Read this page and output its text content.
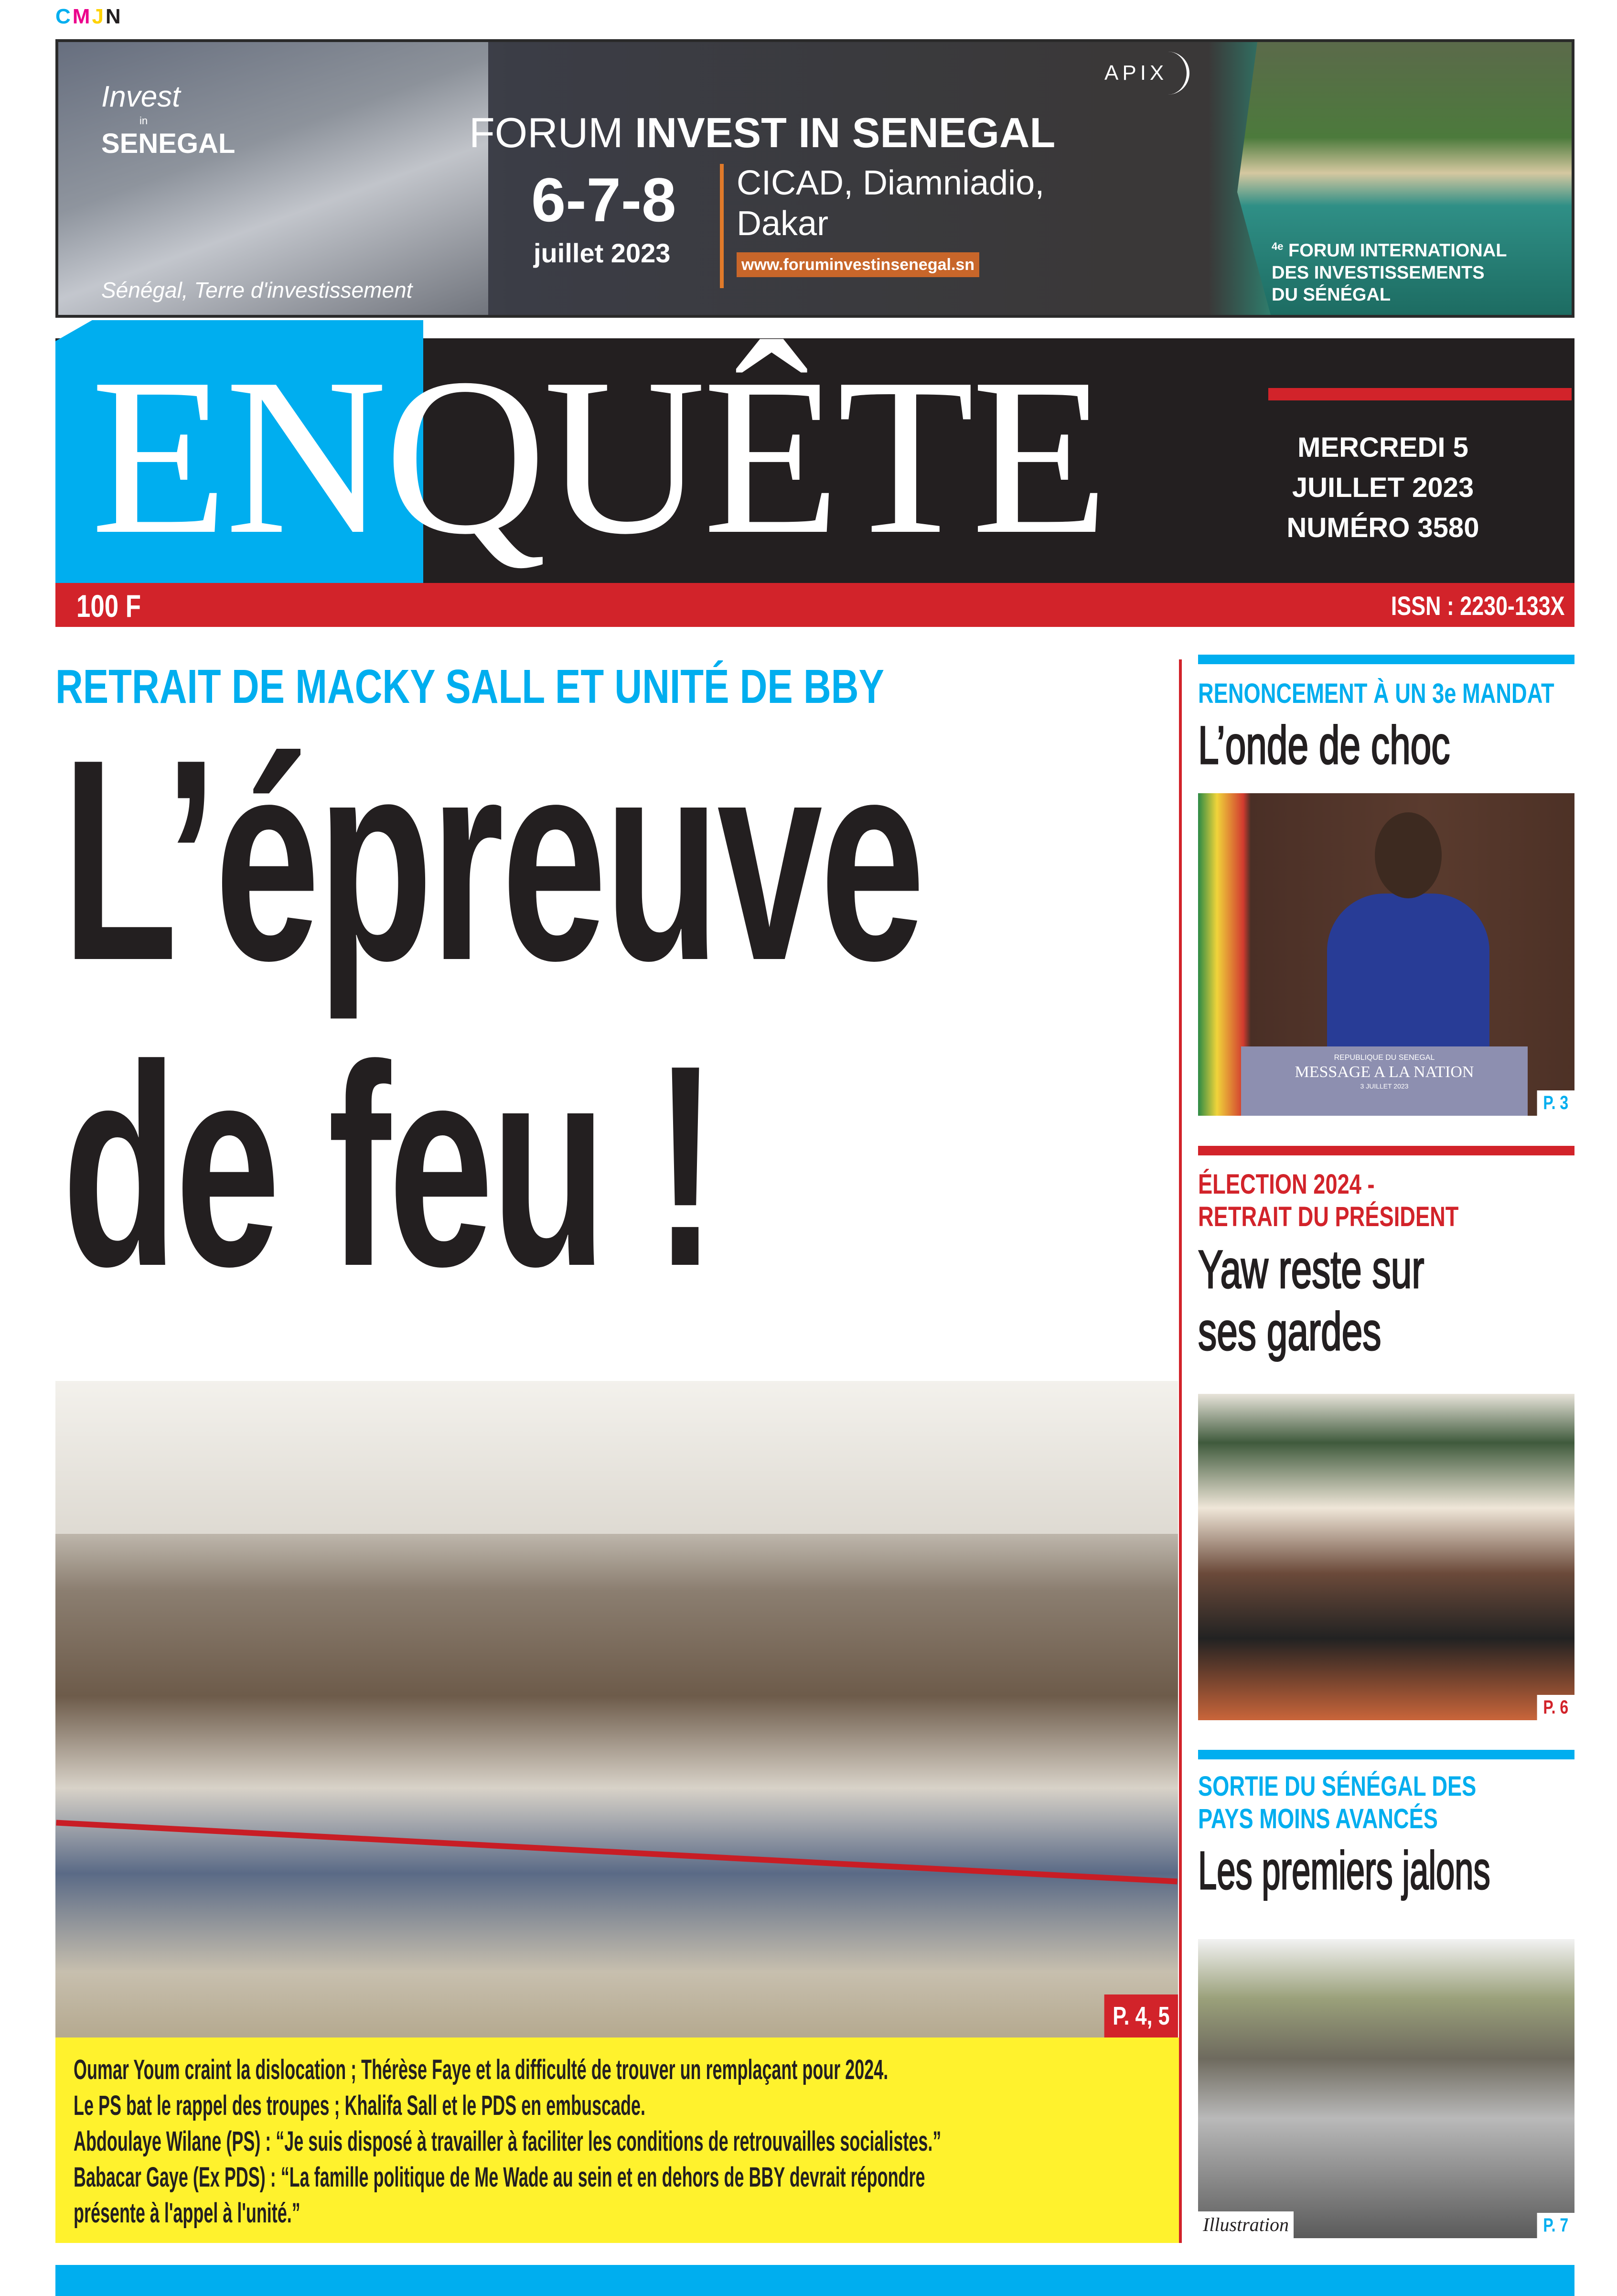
CMJN
Invest
in
SENEGAL
Sénégal, Terre d'investissement
FORUM INVEST IN SENEGAL
6-7-8
juillet 2023
CICAD, Diamniadio,
Dakar
www.foruminvestinsenegal.sn
APIX
$^{4e}$ FORUM INTERNATIONAL
DES INVESTISSEMENTS
DU SÉNÉGAL
ENQUÊTE	MERCREDI 5
JUILLET 2023
NUMÉRO 3580
100 F	ISSN : 2230-133X
RETRAIT DE MACKY SALL ET UNITÉ DE BBY
L’épreuve
de feu !
P. 4, 5
Oumar Youm craint la dislocation ; Thérèse Faye et la difficulté de trouver un remplaçant pour 2024.
Le PS bat le rappel des troupes ; Khalifa Sall et le PDS en embuscade.
Abdoulaye Wilane (PS) : “Je suis disposé à travailler à faciliter les conditions de retrouvailles socialistes.”
Babacar Gaye (Ex PDS) : “La famille politique de Me Wade au sein et en dehors de BBY devrait répondre
présente à l'appel à l'unité.”
RENONCEMENT À UN 3e MANDAT
L’onde de choc
REPUBLIQUE DU SENEGAL
MESSAGE A LA NATION
3 JUILLET 2023
P. 3
ÉLECTION 2024 -
RETRAIT DU PRÉSIDENT
Yaw reste sur
ses gardes
P. 6
SORTIE DU SÉNÉGAL DES
PAYS MOINS AVANCÉS
Les premiers jalons
Illustration	P. 7
